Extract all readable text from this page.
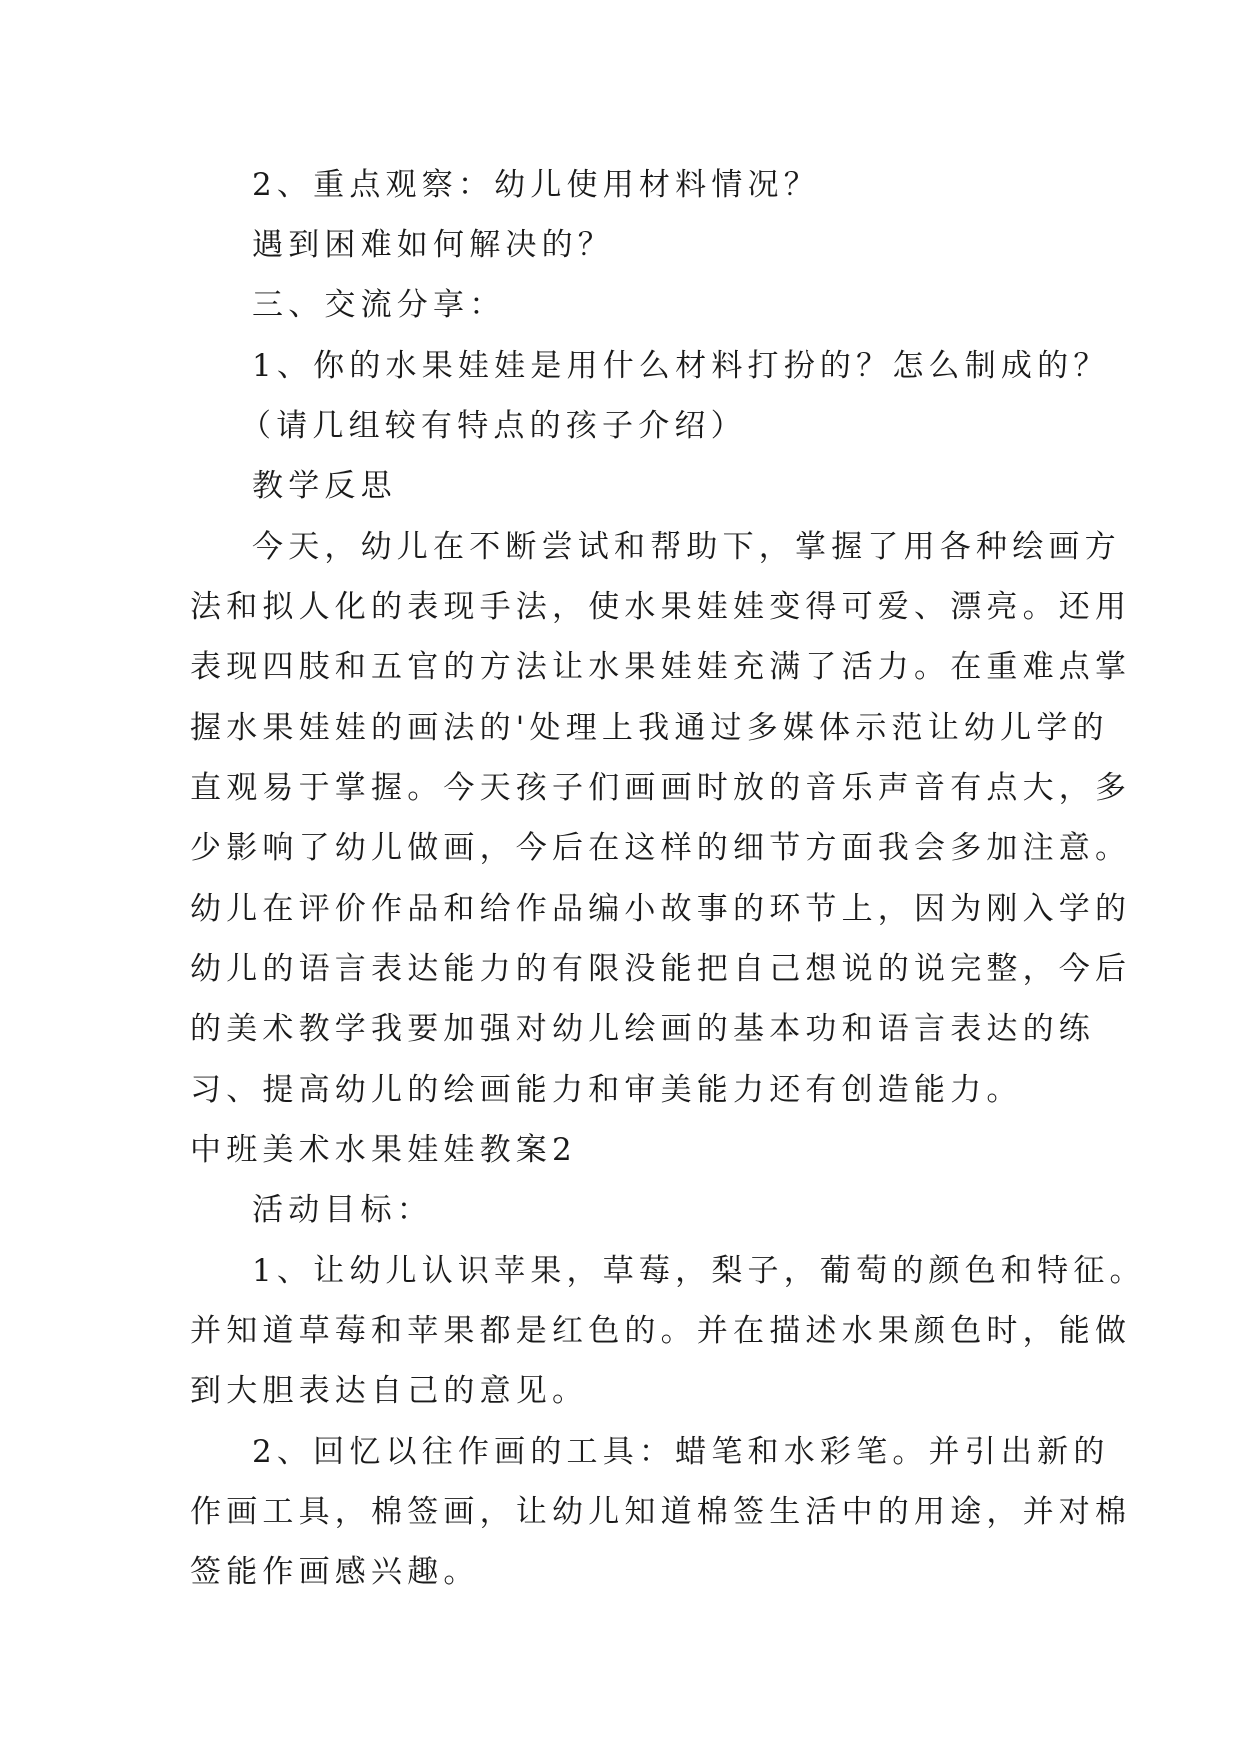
2、重点观察：幼儿使用材料情况？
遇到困难如何解决的？
三、交流分享：
1、你的水果娃娃是用什么材料打扮的？怎么制成的？
（请几组较有特点的孩子介绍）
教学反思
今天，幼儿在不断尝试和帮助下，掌握了用各种绘画方
法和拟人化的表现手法，使水果娃娃变得可爱、漂亮。还用
表现四肢和五官的方法让水果娃娃充满了活力。在重难点掌
握水果娃娃的画法的'处理上我通过多媒体示范让幼儿学的
直观易于掌握。今天孩子们画画时放的音乐声音有点大，多
少影响了幼儿做画，今后在这样的细节方面我会多加注意。
幼儿在评价作品和给作品编小故事的环节上，因为刚入学的
幼儿的语言表达能力的有限没能把自己想说的说完整，今后
的美术教学我要加强对幼儿绘画的基本功和语言表达的练
习、提高幼儿的绘画能力和审美能力还有创造能力。
中班美术水果娃娃教案2
活动目标：
1、让幼儿认识苹果，草莓，梨子，葡萄的颜色和特征。
并知道草莓和苹果都是红色的。并在描述水果颜色时，能做
到大胆表达自己的意见。
2、回忆以往作画的工具：蜡笔和水彩笔。并引出新的
作画工具，棉签画，让幼儿知道棉签生活中的用途，并对棉
签能作画感兴趣。
